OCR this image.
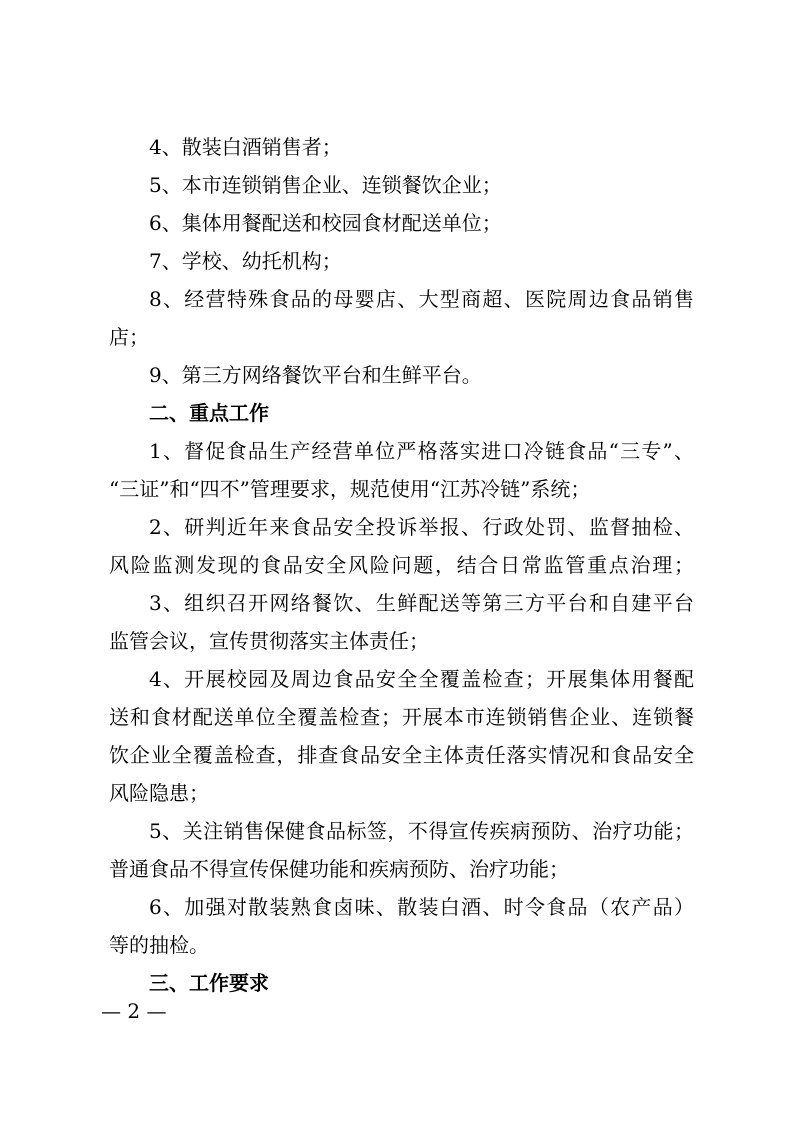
4、散装白酒销售者；
5、本市连锁销售企业、连锁餐饮企业；
6、集体用餐配送和校园食材配送单位；
7、学校、幼托机构；
8、经营特殊食品的母婴店、大型商超、医院周边食品销售
店；
9、第三方网络餐饮平台和生鲜平台。
二、重点工作
1、督促食品生产经营单位严格落实进口冷链食品“三专”、
“三证”和“四不”管理要求，规范使用“江苏冷链”系统；
2、研判近年来食品安全投诉举报、行政处罚、监督抽检、
风险监测发现的食品安全风险问题，结合日常监管重点治理；
3、组织召开网络餐饮、生鲜配送等第三方平台和自建平台
监管会议，宣传贯彻落实主体责任；
4、开展校园及周边食品安全全覆盖检查；开展集体用餐配
送和食材配送单位全覆盖检查；开展本市连锁销售企业、连锁餐
饮企业全覆盖检查，排查食品安全主体责任落实情况和食品安全
风险隐患；
5、关注销售保健食品标签，不得宣传疾病预防、治疗功能；
普通食品不得宣传保健功能和疾病预防、治疗功能；
6、加强对散装熟食卤味、散装白酒、时令食品（农产品）
等的抽检。
三、工作要求
— 2 —
